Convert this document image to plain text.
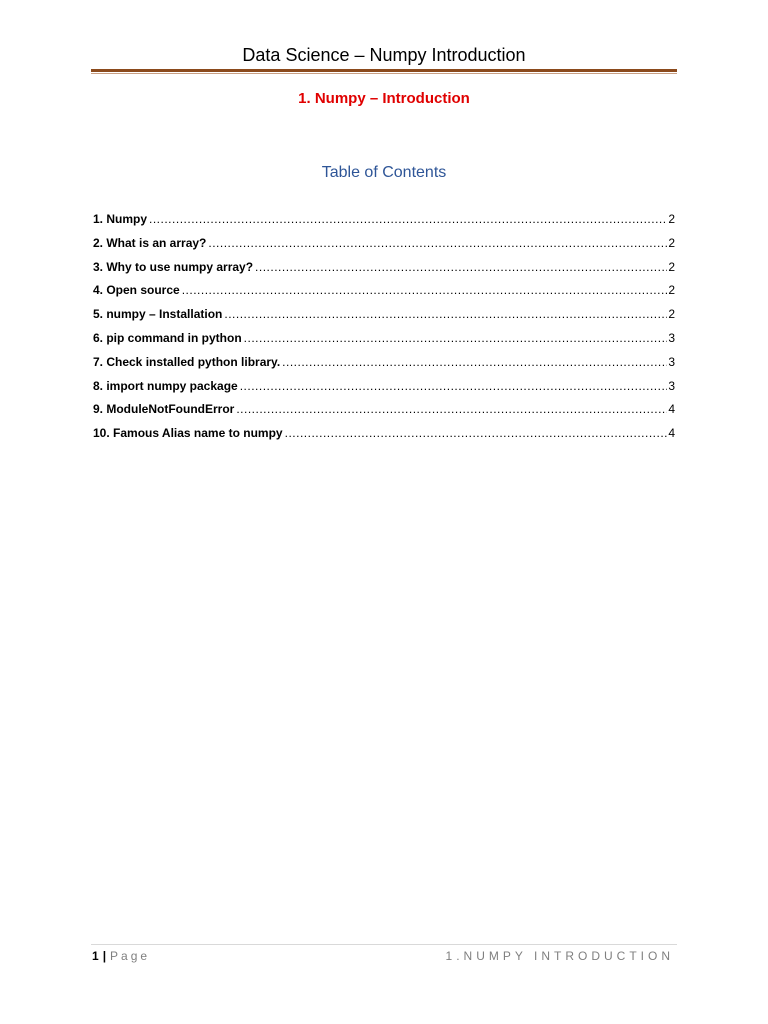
Data Science – Numpy Introduction
1. Numpy – Introduction
Table of Contents
1. Numpy .....	2
2. What is an array? .....	2
3. Why to use numpy array? .....	2
4. Open source .....	2
5. numpy – Installation .....	2
6. pip command in python .....	3
7. Check installed python library. .....	3
8. import numpy package .....	3
9. ModuleNotFoundError .....	4
10. Famous Alias name to numpy .....	4
1 | Page	1.NUMPY INTRODUCTION
